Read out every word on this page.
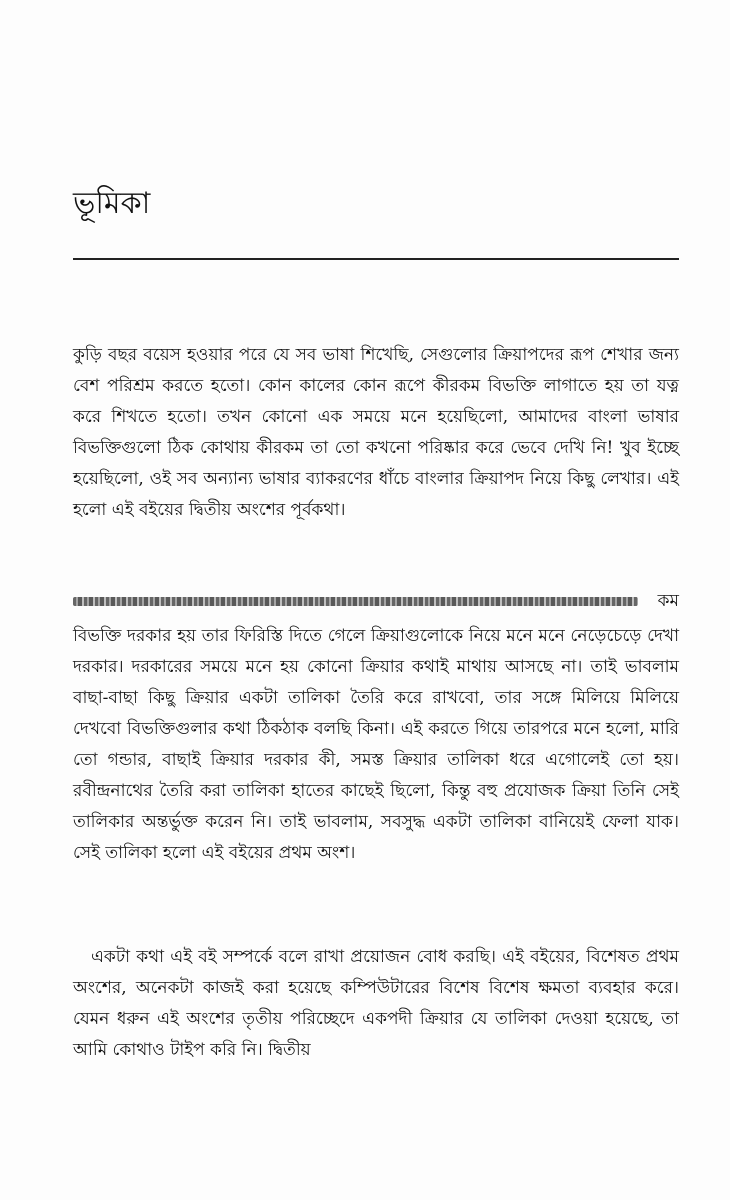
ভূমিকা

কুড়ি বছর বয়েস হওয়ার পরে যে সব ভাষা শিখেছি, সেগুলোর ক্রিয়াপদের রূপ শেখার জন্য বেশ পরিশ্রম করতে হতো। কোন কালের কোন রূপে কীরকম বিভক্তি লাগাতে হয় তা যত্ন করে শিখতে হতো। তখন কোনো এক সময়ে মনে হয়েছিলো, আমাদের বাংলা ভাষার বিভক্তিগুলো ঠিক কোথায় কীরকম তা তো কখনো পরিষ্কার করে ভেবে দেখি নি! খুব ইচ্ছে হয়েছিলো, ওই সব অন্যান্য ভাষার ব্যাকরণের ধাঁচে বাংলার ক্রিয়াপদ নিয়ে কিছু লেখার। এই হলো এই বইয়ের দ্বিতীয় অংশের পূর্বকথা।

কম

বিভক্তি দরকার হয় তার ফিরিস্তি দিতে গেলে ক্রিয়াগুলোকে নিয়ে মনে মনে নেড়েচেড়ে দেখা দরকার। দরকারের সময়ে মনে হয় কোনো ক্রিয়ার কথাই মাথায় আসছে না। তাই ভাবলাম বাছা-বাছা কিছু ক্রিয়ার একটা তালিকা তৈরি করে রাখবো, তার সঙ্গে মিলিয়ে মিলিয়ে দেখবো বিভক্তিগুলার কথা ঠিকঠাক বলছি কিনা। এই করতে গিয়ে তারপরে মনে হলো, মারি তো গন্ডার, বাছাই ক্রিয়ার দরকার কী, সমস্ত ক্রিয়ার তালিকা ধরে এগোলেই তো হয়। রবীন্দ্রনাথের তৈরি করা তালিকা হাতের কাছেই ছিলো, কিন্তু বহু প্রযোজক ক্রিয়া তিনি সেই তালিকার অন্তর্ভুক্ত করেন নি। তাই ভাবলাম, সবসুদ্ধ একটা তালিকা বানিয়েই ফেলা যাক। সেই তালিকা হলো এই বইয়ের প্রথম অংশ।

একটা কথা এই বই সম্পর্কে বলে রাখা প্রয়োজন বোধ করছি। এই বইয়ের, বিশেষত প্রথম অংশের, অনেকটা কাজই করা হয়েছে কম্পিউটারের বিশেষ বিশেষ ক্ষমতা ব্যবহার করে। যেমন ধরুন এই অংশের তৃতীয় পরিচ্ছেদে একপদী ক্রিয়ার যে তালিকা দেওয়া হয়েছে, তা আমি কোথাও টাইপ করি নি। দ্বিতীয়
